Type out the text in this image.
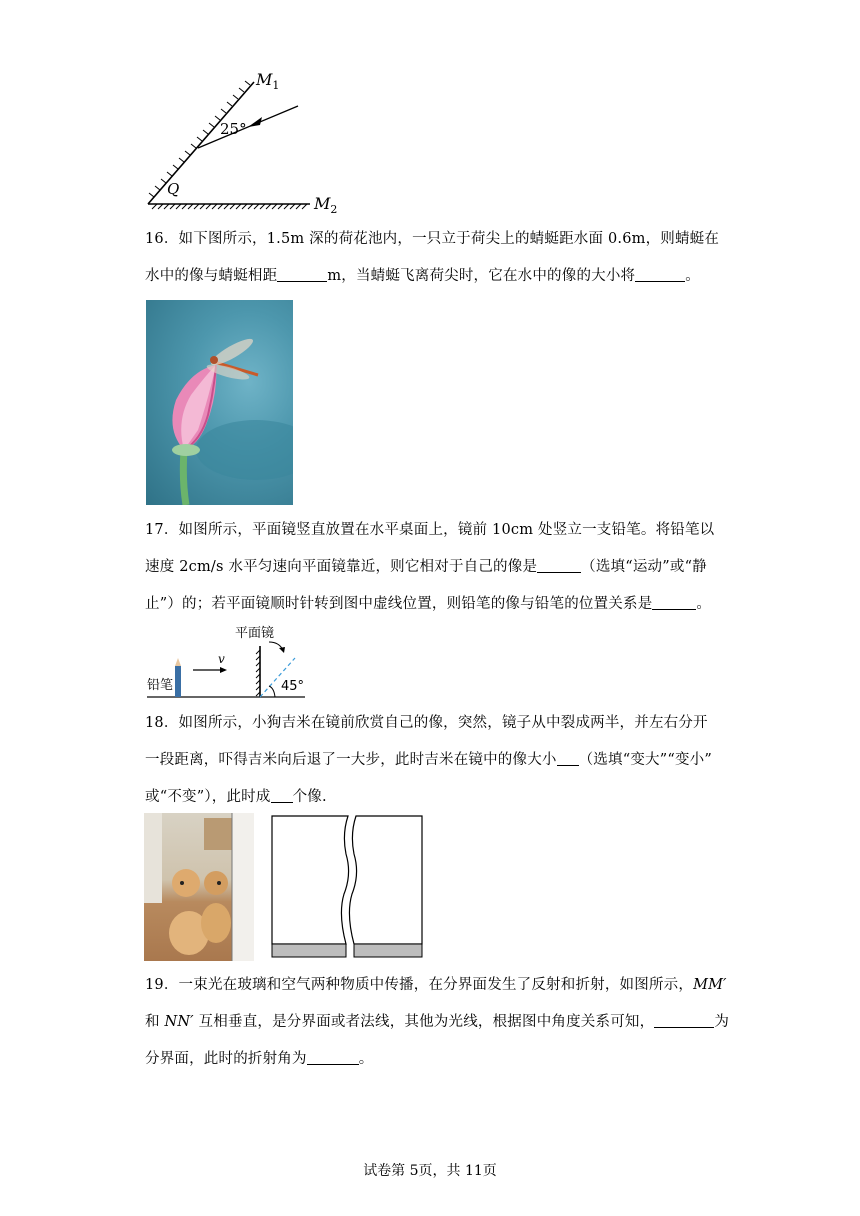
$M_1$
25°
Q
$M_2$
16．如下图所示，1.5m 深的荷花池内，一只立于荷尖上的蜻蜓距水面 0.6m，则蜻蜓在
水中的像与蜻蜓相距	m，当蜻蜓飞离荷尖时，它在水中的像的大小将	。
17．如图所示，平面镜竖直放置在水平桌面上，镜前 10cm 处竖立一支铅笔。将铅笔以
速度 2cm/s 水平匀速向平面镜靠近，则它相对于自己的像是	（选填“运动”或“静
止”）的；若平面镜顺时针转到图中虚线位置，则铅笔的像与铅笔的位置关系是	。
平面镜
铅笔
v
45°
18．如图所示，小狗吉米在镜前欣赏自己的像，突然，镜子从中裂成两半，并左右分开
一段距离，吓得吉米向后退了一大步，此时吉米在镜中的像大小 （选填“变大”“变小”
或“不变”），此时成 个像.
19．一束光在玻璃和空气两种物质中传播，在分界面发生了反射和折射，如图所示，MM′
和 NN′ 互相垂直，是分界面或者法线，其他为光线，根据图中角度关系可知，	为
分界面，此时的折射角为	。
试卷第 5页，共 11页
